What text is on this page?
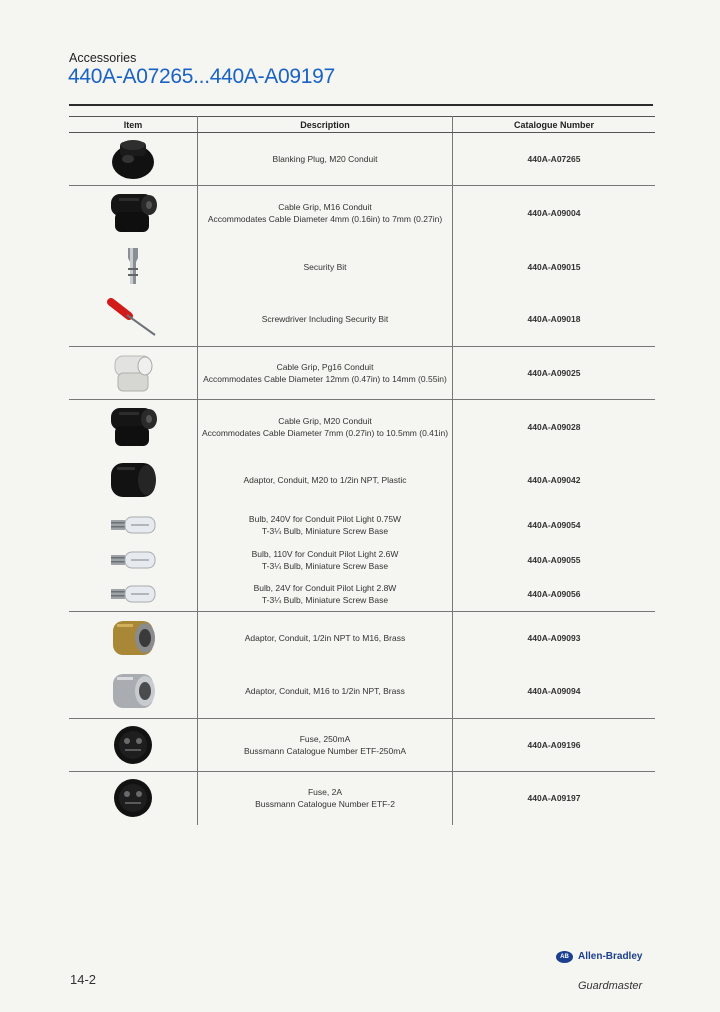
Accessories
440A-A07265...440A-A09197
Item	Description	Catalogue Number

Blanking Plug, M20 Conduit	440A-A07265

Cable Grip, M16 Conduit
Accommodates Cable Diameter 4mm (0.16in) to 7mm (0.27in)	440A-A09004

Security Bit	440A-A09015

Screwdriver Including Security Bit	440A-A09018

Cable Grip, Pg16 Conduit
Accommodates Cable Diameter 12mm (0.47in) to 14mm (0.55in)	440A-A09025

Cable Grip, M20 Conduit
Accommodates Cable Diameter 7mm (0.27in) to 10.5mm (0.41in)	440A-A09028

Adaptor, Conduit, M20 to 1/2in NPT, Plastic	440A-A09042

Bulb, 240V for Conduit Pilot Light 0.75W
T-3¼ Bulb, Miniature Screw Base	440A-A09054

Bulb, 110V for Conduit Pilot Light 2.6W
T-3¼ Bulb, Miniature Screw Base	440A-A09055

Bulb, 24V for Conduit Pilot Light 2.8W
T-3¼ Bulb, Miniature Screw Base	440A-A09056

Adaptor, Conduit, 1/2in NPT to M16, Brass	440A-A09093

Adaptor, Conduit, M16 to 1/2in NPT, Brass	440A-A09094

Fuse, 250mA
Bussmann Catalogue Number ETF-250mA	440A-A09196

Fuse, 2A
Bussmann Catalogue Number ETF-2	440A-A09197
14-2
AB Allen-Bradley
Guardmaster
